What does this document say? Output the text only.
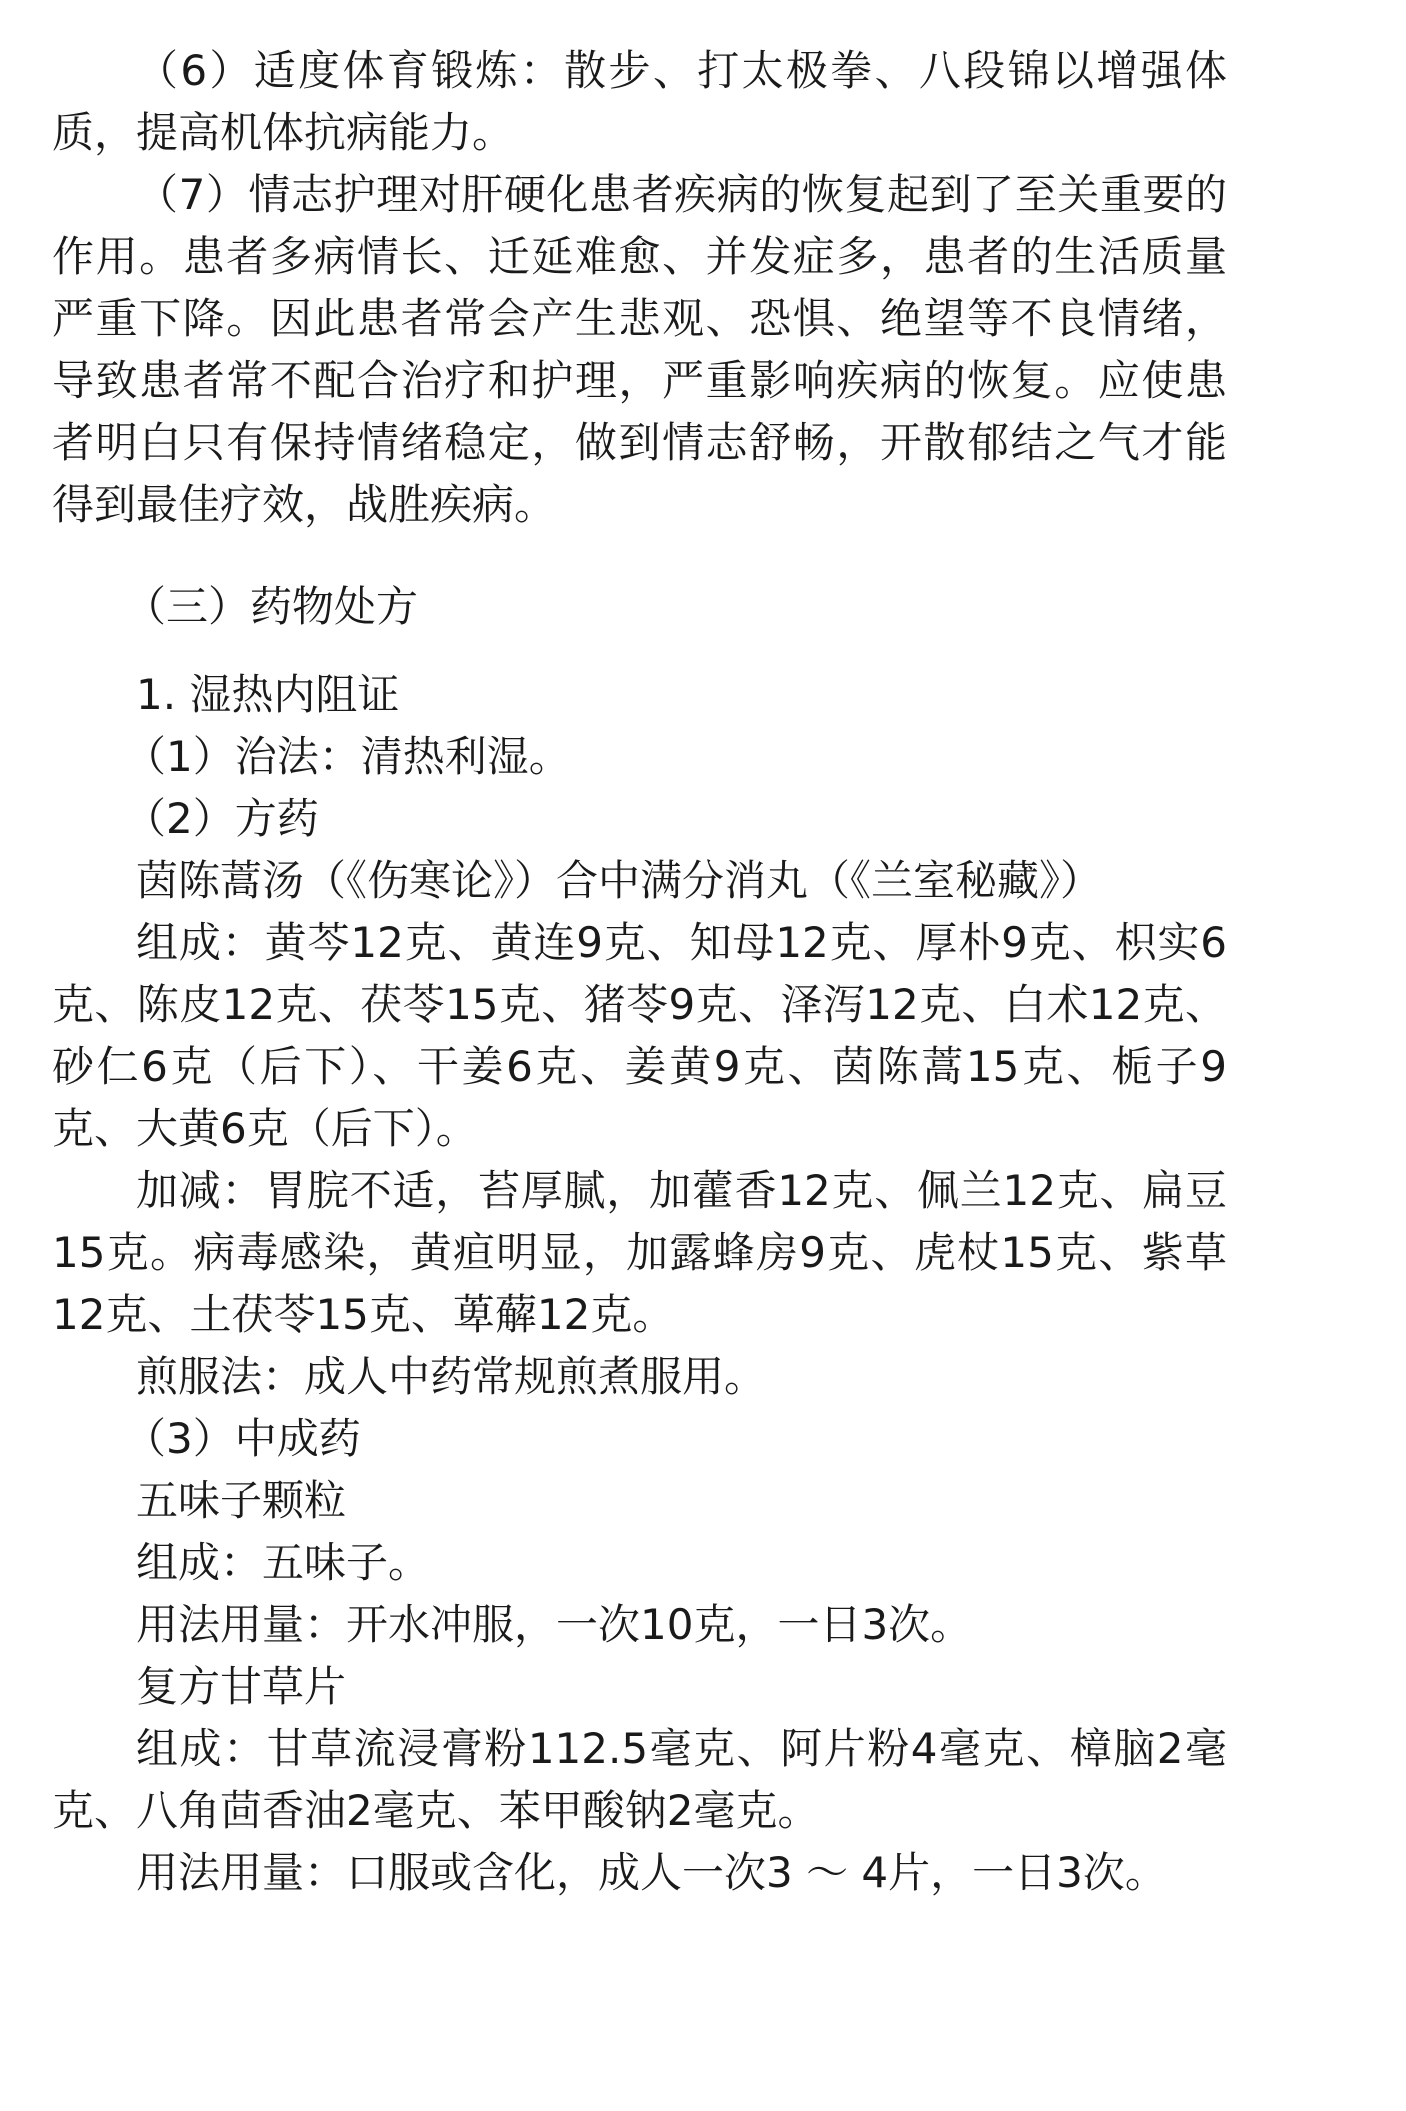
（6）适度体育锻炼：散步、打太极拳、八段锦以增强体质，提高机体抗病能力。

（7）情志护理对肝硬化患者疾病的恢复起到了至关重要的作用。患者多病情长、迁延难愈、并发症多，患者的生活质量严重下降。因此患者常会产生悲观、恐惧、绝望等不良情绪，导致患者常不配合治疗和护理，严重影响疾病的恢复。应使患者明白只有保持情绪稳定，做到情志舒畅，开散郁结之气才能得到最佳疗效，战胜疾病。

（三）药物处方

1. 湿热内阻证

（1）治法：清热利湿。

（2）方药

茵陈蒿汤（《伤寒论》）合中满分消丸（《兰室秘藏》）

组成：黄芩12克、黄连9克、知母12克、厚朴9克、枳实6克、陈皮12克、茯苓15克、猪苓9克、泽泻12克、白术12克、砂仁6克（后下）、干姜6克、姜黄9克、茵陈蒿15克、栀子9克、大黄6克（后下）。

加减：胃脘不适，苔厚腻，加藿香12克、佩兰12克、扁豆15克。病毒感染，黄疸明显，加露蜂房9克、虎杖15克、紫草12克、土茯苓15克、萆薢12克。

煎服法：成人中药常规煎煮服用。

（3）中成药

五味子颗粒

组成：五味子。

用法用量：开水冲服，一次10克，一日3次。

复方甘草片

组成：甘草流浸膏粉112.5毫克、阿片粉4毫克、樟脑2毫克、八角茴香油2毫克、苯甲酸钠2毫克。

用法用量：口服或含化，成人一次3 ～ 4片，一日3次。
